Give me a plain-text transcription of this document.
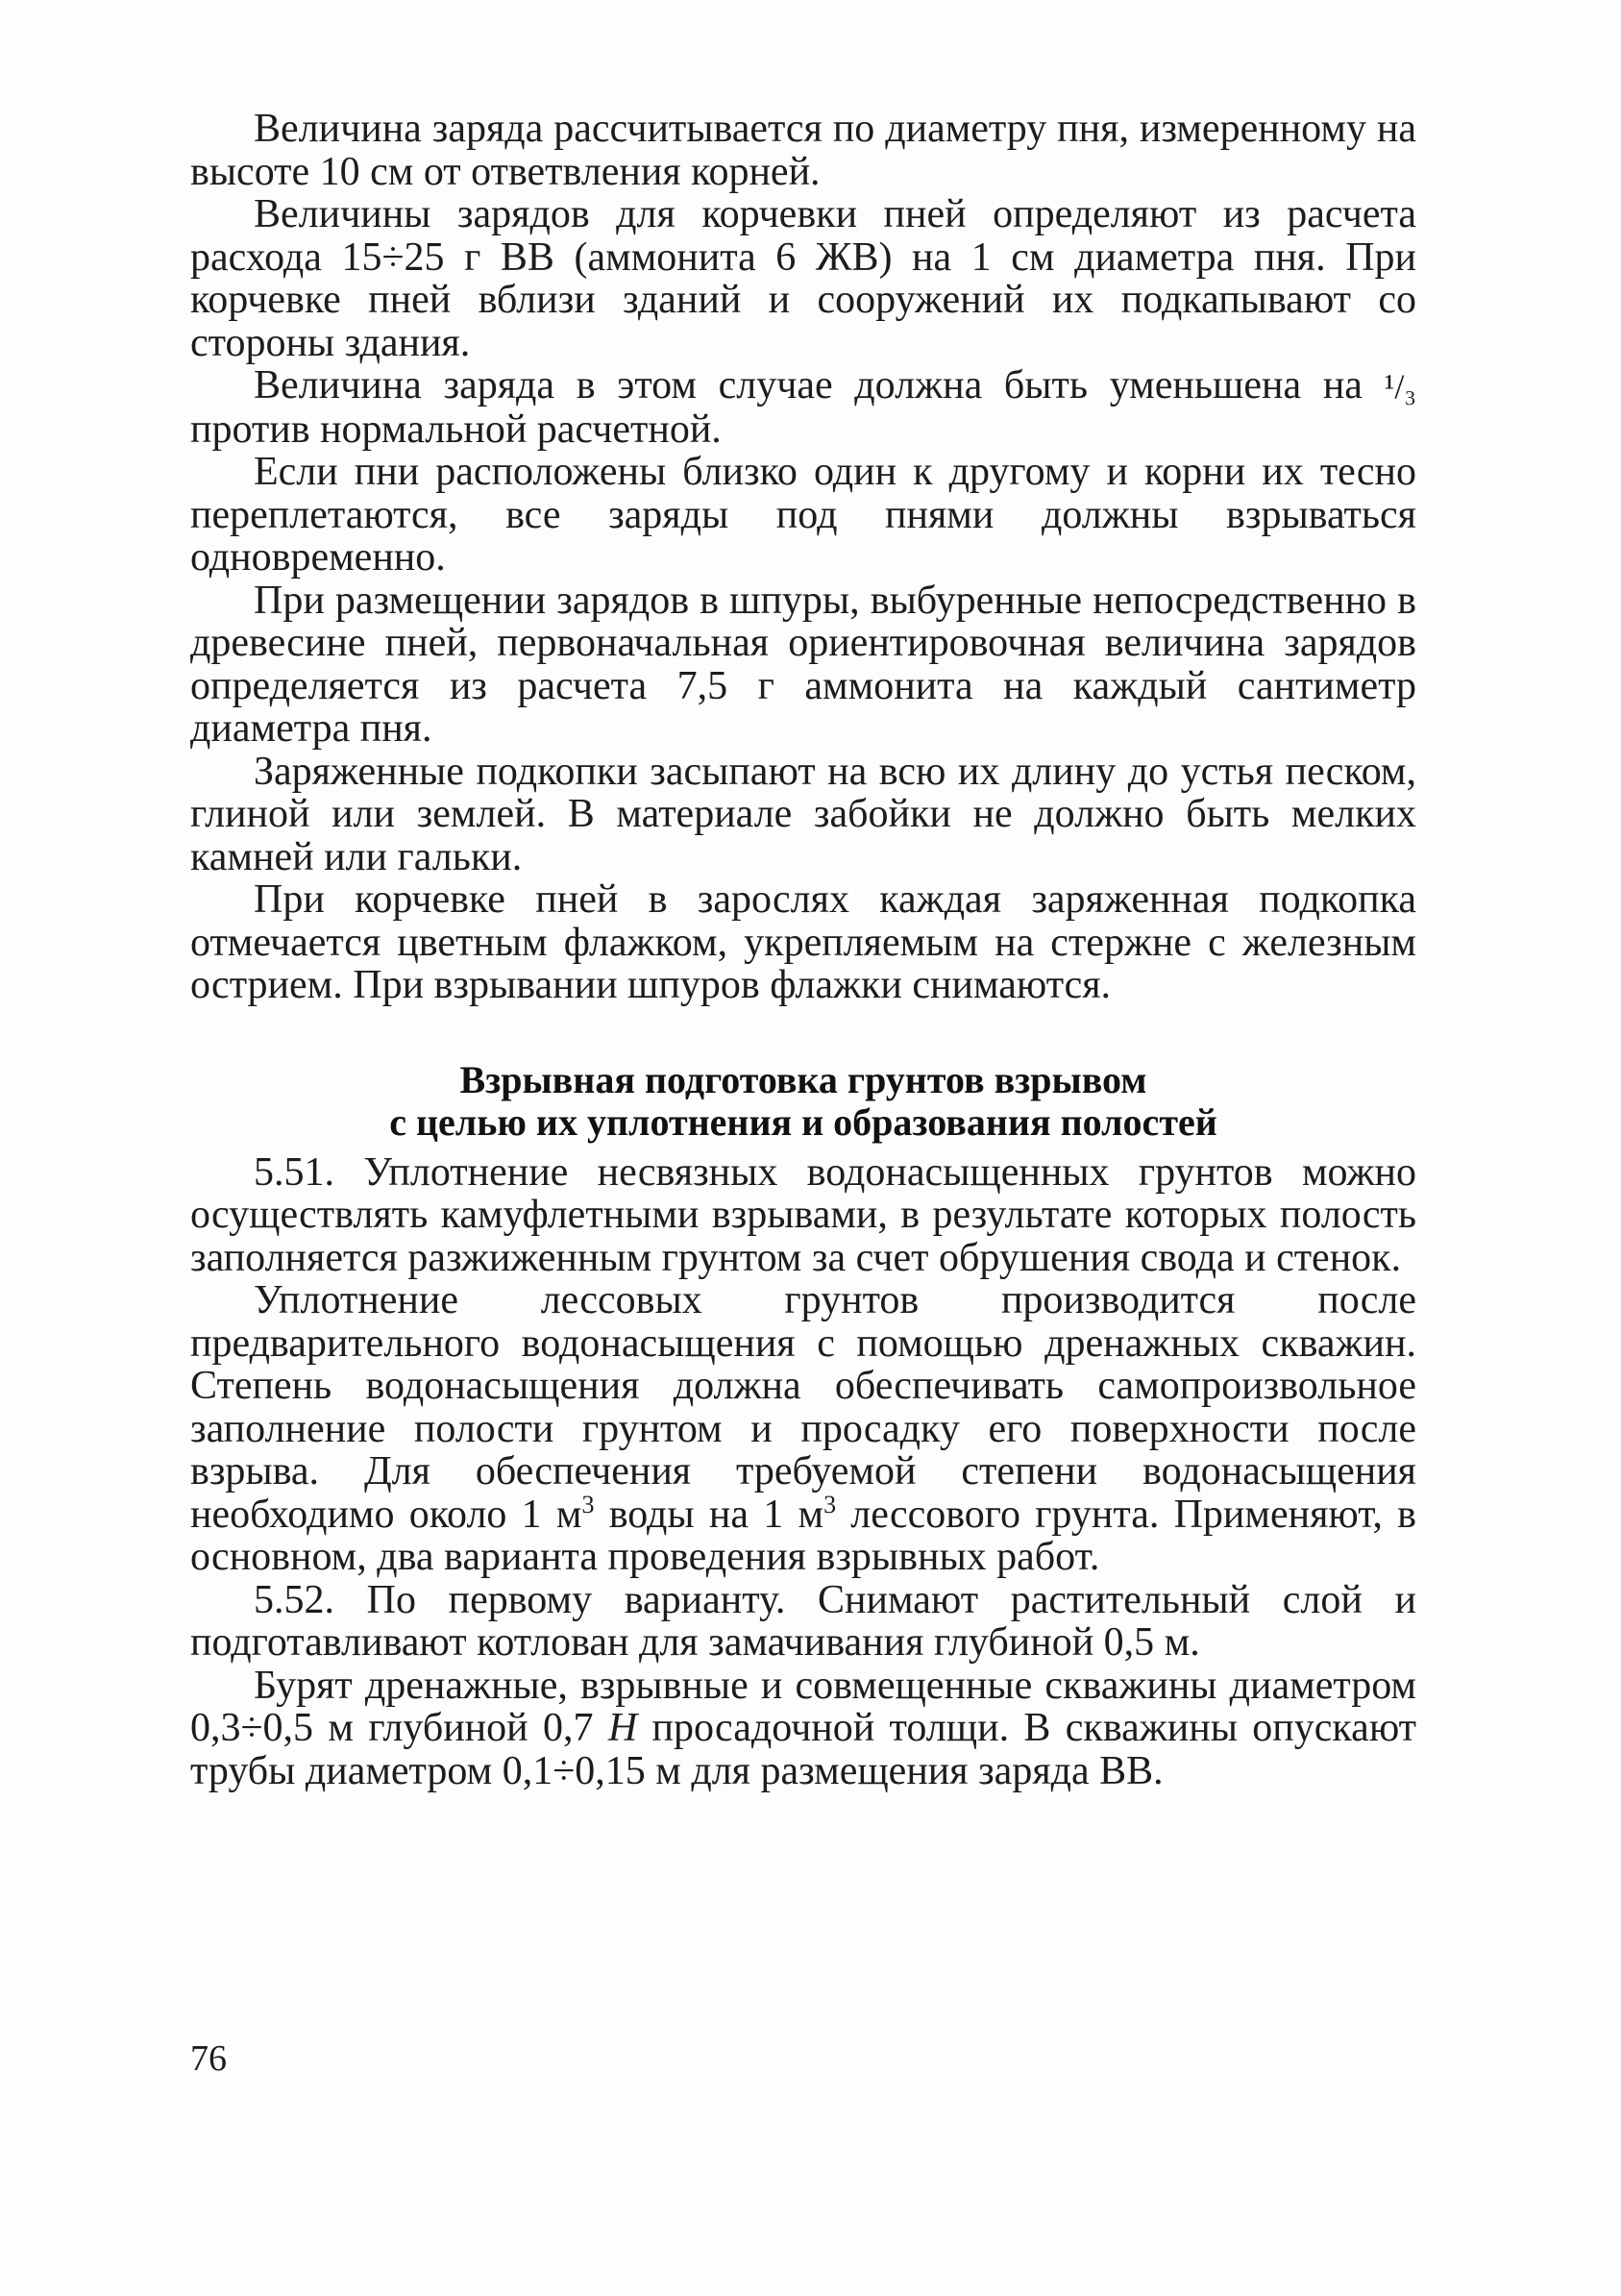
Величина заряда рассчитывается по диаметру пня, измеренному на высоте 10 см от ответвления корней.

Величины зарядов для корчевки пней определяют из расчета расхода 15÷25 г ВВ (аммонита 6 ЖВ) на 1 см диаметра пня. При корчевке пней вблизи зданий и сооружений их подкапывают со стороны здания.

Величина заряда в этом случае должна быть уменьшена на ¹/₃ против нормальной расчетной.

Если пни расположены близко один к другому и корни их тесно переплетаются, все заряды под пнями должны взрываться одновременно.

При размещении зарядов в шпуры, выбуренные непосредственно в древесине пней, первоначальная ориентировочная величина зарядов определяется из расчета 7,5 г аммонита на каждый сантиметр диаметра пня.

Заряженные подкопки засыпают на всю их длину до устья песком, глиной или землей. В материале забойки не должно быть мелких камней или гальки.

При корчевке пней в зарослях каждая заряженная подкопка отмечается цветным флажком, укрепляемым на стержне с железным острием. При взрывании шпуров флажки снимаются.

Взрывная подготовка грунтов взрывом
с целью их уплотнения и образования полостей

5.51. Уплотнение несвязных водонасыщенных грунтов можно осуществлять камуфлетными взрывами, в результате которых полость заполняется разжиженным грунтом за счет обрушения свода и стенок.

Уплотнение лессовых грунтов производится после предварительного водонасыщения с помощью дренажных скважин. Степень водонасыщения должна обеспечивать самопроизвольное заполнение полости грунтом и просадку его поверхности после взрыва. Для обеспечения требуемой степени водонасыщения необходимо около 1 $м^3$ воды на 1 $м^3$ лессового грунта. Применяют, в основном, два варианта проведения взрывных работ.

5.52. По первому варианту. Снимают растительный слой и подготавливают котлован для замачивания глубиной 0,5 м.

Бурят дренажные, взрывные и совмещенные скважины диаметром 0,3÷0,5 м глубиной 0,7 H просадочной толщи. В скважины опускают трубы диаметром 0,1÷0,15 м для размещения заряда ВВ.

76
